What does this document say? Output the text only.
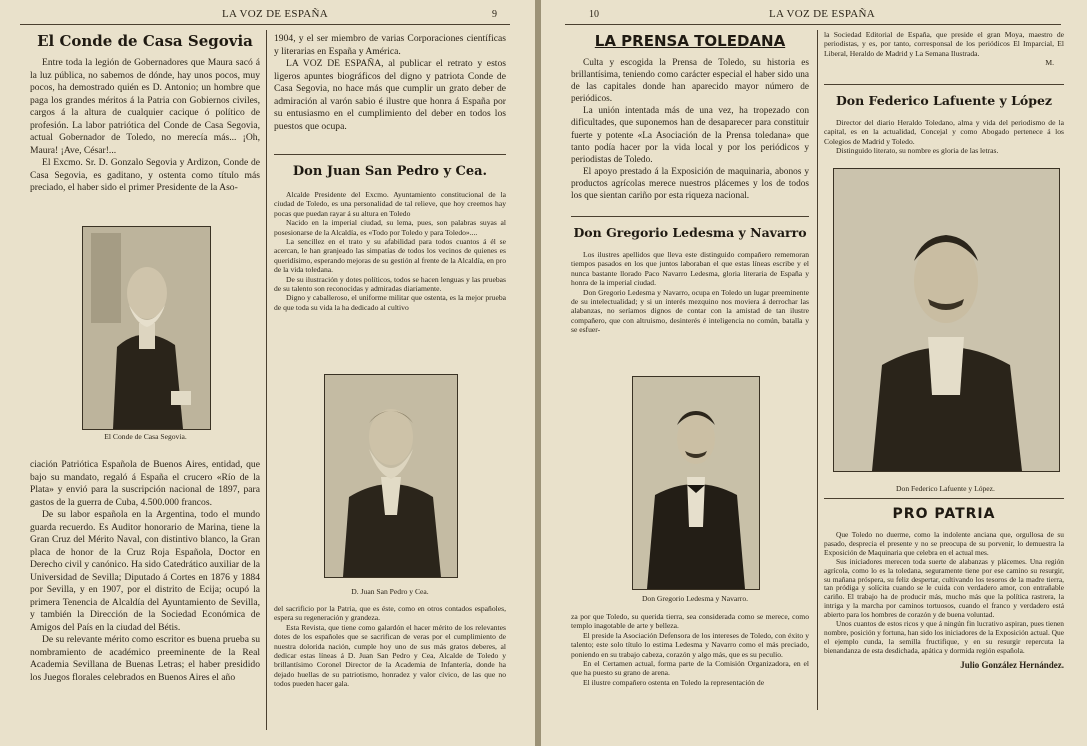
LA VOZ DE ESPAÑA	9
El Conde de Casa Segovia

Entre toda la legión de Gobernadores que Maura sacó á la luz pública, no sabemos de dónde, hay unos pocos, muy pocos, ha demostrado quién es D. Antonio; un hombre que paga los grandes méritos á la Patria con Gobiernos civiles, cargos á la altura de cualquier cacique ó político de profesión. La labor patriótica del Conde de Casa Segovia, actual Gobernador de Toledo, no merecía más... ¡Oh, Maura! ¡Ave, César!...

El Excmo. Sr. D. Gonzalo Segovia y Ardizon, Conde de Casa Segovia, es gaditano, y ostenta como título más preciado, el haber sido el primer Presidente de la Aso-

El Conde de Casa Segovia.

ciación Patriótica Española de Buenos Aires, entidad, que bajo su mandato, regaló á España el crucero «Río de la Plata» y envió para la suscripción nacional de 1897, para gastos de la guerra de Cuba, 4.500.000 francos.

De su labor española en la Argentina, todo el mundo guarda recuerdo. Es Auditor honorario de Marina, tiene la Gran Cruz del Mérito Naval, con distintivo blanco, la Gran placa de honor de la Cruz Roja Española, Doctor en Derecho civil y canónico. Ha sido Catedrático auxiliar de la Universidad de Sevilla; Diputado á Cortes en 1876 y 1884 por Sevilla, y en 1907, por el distrito de Ecija; ocupó la primera Tenencia de Alcaldía del Ayuntamiento de Sevilla, y también la Dirección de la Sociedad Económica de Amigos del País en la ciudad del Bétis.

De su relevante mérito como escritor es buena prueba su nombramiento de académico preeminente de la Real Academia Sevillana de Buenas Letras; el haber presidido los Juegos florales celebrados en Buenos Aires el año

1904, y el ser miembro de varias Corporaciones científicas y literarias en España y América.

LA VOZ DE ESPAÑA, al publicar el retrato y estos ligeros apuntes biográficos del digno y patriota Conde de Casa Segovia, no hace más que cumplir un grato deber de admiración al varón sabio é ilustre que honra á España por su entusiasmo en el cumplimiento del deber en todos los puestos que ocupa.

Don Juan San Pedro y Cea.

Alcalde Presidente del Excmo. Ayuntamiento constitucional de la ciudad de Toledo, es una personalidad de tal relieve, que hoy creemos hay pocas que puedan rayar á su altura en Toledo

Nacido en la imperial ciudad, su lema, pues, son palabras suyas al posesionarse de la Alcaldía, es «Todo por Toledo y para Toledo»....

La sencillez en el trato y su afabilidad para todos cuantos á él se acercan, le han granjeado las simpatías de todos los vecinos de quienes es queridísimo, esperando mejoras de su gestión al frente de la Alcaldía, en pro de la vida toledana.

De su ilustración y dotes políticos, todos se hacen lenguas y las pruebas de su talento son reconocidas y admiradas diariamente.

Digno y caballeroso, el uniforme militar que ostenta, es la mejor prueba de que toda su vida la ha dedicado al cultivo

D. Juan San Pedro y Cea.

del sacrificio por la Patria, que es éste, como en otros contados españoles, espera su regeneración y grandeza.

Esta Revista, que tiene como galardón el hacer mérito de los relevantes dotes de los españoles que se sacrifican de veras por el cumplimiento de nuestra dolorida nación, cumple hoy uno de sus más gratos deberes, al dedicar estas líneas á D. Juan San Pedro y Cea, Alcalde de Toledo y brillantísimo Coronel Director de la Academia de Infantería, donde ha dejado huellas de su patriotismo, honradez y valor cívico, de las que no todos pueden hacer gala.

10	LA VOZ DE ESPAÑA
LA PRENSA TOLEDANA

Culta y escogida la Prensa de Toledo, su historia es brillantísima, teniendo como carácter especial el haber sido una de las capitales donde han aparecido mayor número de periódicos.

La unión intentada más de una vez, ha tropezado con dificultades, que suponemos han de desaparecer para constituir fuerte y potente «La Asociación de la Prensa toledana» que tanto podía hacer por la vida local y por los periódicos y periodistas de Toledo.

El apoyo prestado á la Exposición de maquinaria, abonos y productos agrícolas merece nuestros plácemes y los de todos los que sientan cariño por esta riqueza nacional.

Don Gregorio Ledesma y Navarro

Los ilustres apellidos que lleva este distinguido compañero rememoran tiempos pasados en los que juntos laboraban el que estas líneas escribe y el nunca bastante llorado Paco Navarro Ledesma, gloria literaria de España y honra de la imperial ciudad.

Don Gregorio Ledesma y Navarro, ocupa en Toledo un lugar preeminente de su intelectualidad; y si un interés mezquino nos moviera á derrochar las alabanzas, no seríamos dignos de contar con la amistad de tan ilustre compañero, que con altruismo, desinterés é inteligencia no común, batalla y se esfuer-

Don Gregorio Ledesma y Navarro.

za por que Toledo, su querida tierra, sea considerada como se merece, como templo inagotable de arte y belleza.

El preside la Asociación Defensora de los intereses de Toledo, con éxito y talento; este solo título lo estima Ledesma y Navarro como el más preciado, poniendo en su trabajo cabeza, corazón y algo más, que es su peculio.

En el Certamen actual, forma parte de la Comisión Organizadora, en el que ha puesto su grano de arena.

El ilustre compañero ostenta en Toledo la representación de

la Sociedad Editorial de España, que preside el gran Moya, maestro de periodistas, y es, por tanto, corresponsal de los periódicos El Imparcial, El Liberal, Heraldo de Madrid y La Semana Ilustrada.

M.
Don Federico Lafuente y López

Director del diario Heraldo Toledano, alma y vida del periodismo de la capital, es en la actualidad, Concejal y como Abogado pertenece á los Colegios de Madrid y Toledo.

Distinguido literato, su nombre es gloria de las letras.

Don Federico Lafuente y López.
PRO PATRIA

Que Toledo no duerme, como la indolente anciana que, orgullosa de su pasado, desprecia el presente y no se preocupa de su porvenir, lo demuestra la Exposición de Maquinaria que celebra en el actual mes.

Sus iniciadores merecen toda suerte de alabanzas y plácemes. Una región agrícola, como lo es la toledana, seguramente tiene por ese camino su resurgir, su mañana próspera, su feliz despertar, cultivando los tesoros de la madre tierra, tan pródiga y solícita cuando se le cuida con verdadero amor, con entrañable cariño. El trabajo ha de producir más, mucho más que la política rastrera, la intriga y la marcha por caminos tortuosos, cuando el franco y verdadero está abierto para los hombres de corazón y de buena voluntad.

Unos cuantos de estos ricos y que á ningún fin lucrativo aspiran, pues tienen nombre, posición y fortuna, han sido los iniciadores de la Exposición actual. Que el ejemplo cunda, la semilla fructifique, y en su resurgir repercuta la bienandanza de esta desdichada, apática y dormida región española.

Julio González Hernández.
